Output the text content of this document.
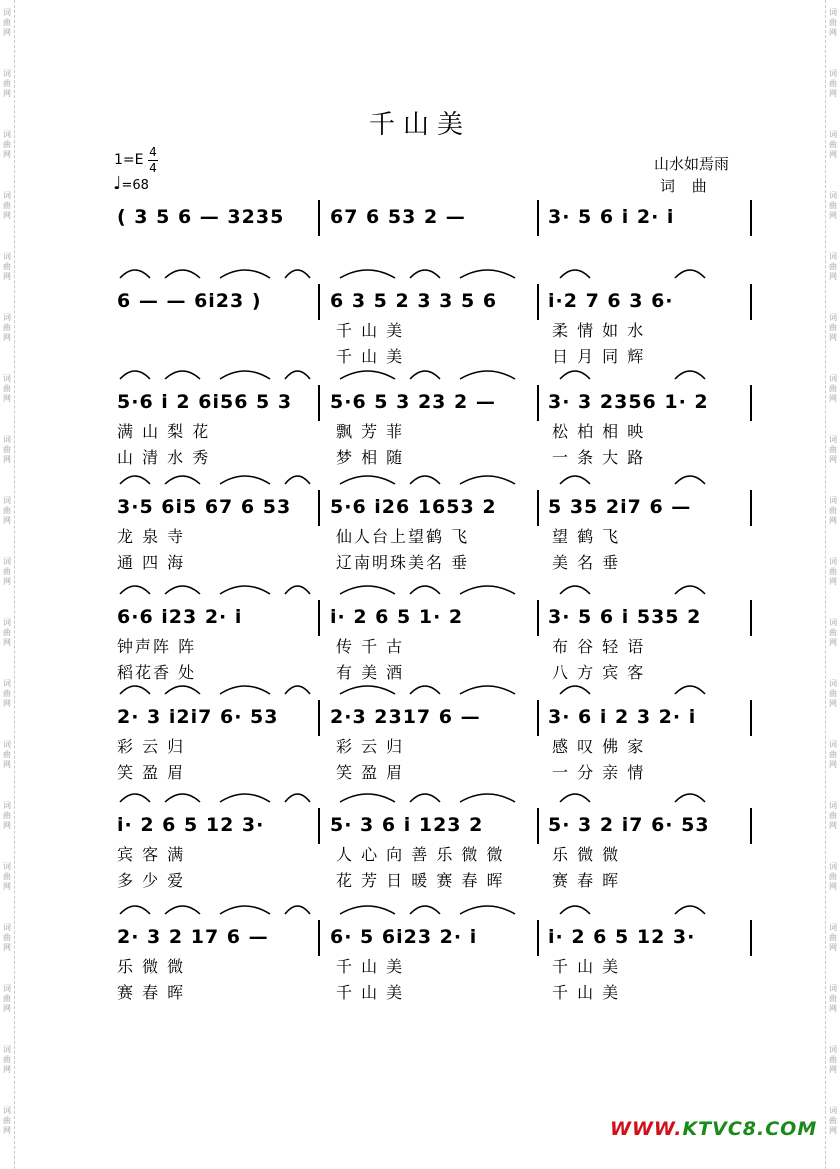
千山美
1=E 4
4
♩=68
山水如焉雨
词 曲
( 3 5 6 — 3235 67 6 53 2 —	3· 5 6 i 2· i
6 — — 6i23 )	6 3 5 2 3 3 5 6
千 山 美
千 山 美
i·2 7 6 3 6·
柔 情 如 水
日 月 同 辉
5·6 i 2 6i56 5 3
满 山 梨 花
山 清 水 秀
5·6 5 3 23 2 —
飘 芳 菲
梦 相 随
3· 3 2356 1· 2
松 柏 相 映
一 条 大 路
3·5 6i5 67 6 53
龙 泉 寺
通 四 海
5·6 i26 1653 2
仙人台上望鹤 飞
辽南明珠美名 垂
5 35 2i7 6 —
望 鹤 飞
美 名 垂
6·6 i23 2· i
钟声阵 阵
稻花香 处
i· 2 6 5 1· 2
传 千 古
有 美 酒
3· 5 6 i 535 2
布 谷 轻 语
八 方 宾 客
2· 3 i2i7 6· 53
彩 云 归
笑 盈 眉
2·3 2317 6 —
彩 云 归
笑 盈 眉
3· 6 i 2 3 2· i
感 叹 佛 家
一 分 亲 情
i· 2 6 5 12 3·
宾 客 满
多 少 爱
5· 3 6 i 123 2
人 心 向 善 乐 微 微
花 芳 日 暖 赛 春 晖
5· 3 2 i7 6· 53
乐 微 微
赛 春 晖
2· 3 2 17 6 —
乐 微 微
赛 春 晖
6· 5 6i23 2· i
千 山 美
千 山 美
i· 2 6 5 12 3·
千 山 美
千 山 美
WWW.KTVC8.COM
词
曲
网
词
曲
网
词
曲
网
词
曲
网
词
曲
网
词
曲
网
词
曲
网
词
曲
网
词
曲
网
词
曲
网
词
曲
网
词
曲
网
词
曲
网
词
曲
网
词
曲
网
词
曲
网
词
曲
网
词
曲
网
词
曲
网
词
曲
网
词
曲
网
词
曲
网
词
曲
网
词
曲
网
词
曲
网
词
曲
网
词
曲
网
词
曲
网
词
曲
网
词
曲
网
词
曲
网
词
曲
网
词
曲
网
词
曲
网
词
曲
网
词
曲
网
词
曲
网
词
曲
网
